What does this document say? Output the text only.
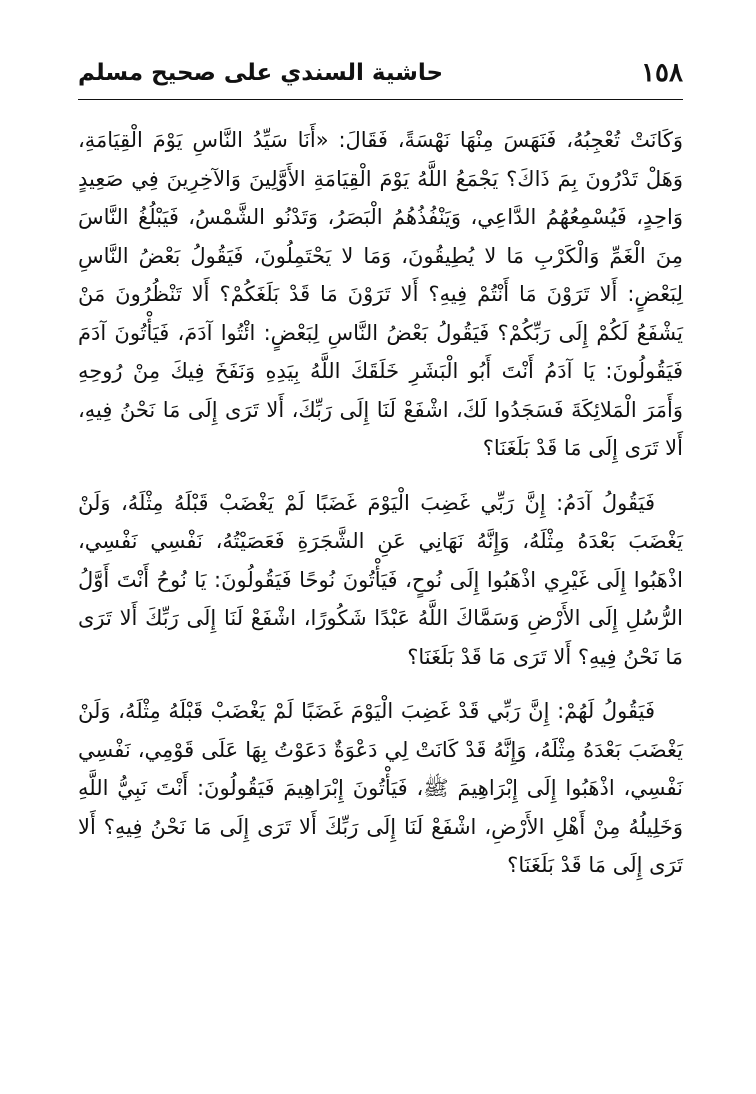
١٥٨
حاشية السندي على صحيح مسلم

وَكَانَتْ تُعْجِبُهُ، فَنَهَسَ مِنْهَا نَهْسَةً، فَقَالَ: «أَنَا سَيِّدُ النَّاسِ يَوْمَ الْقِيَامَةِ، وَهَلْ تَدْرُونَ بِمَ ذَاكَ؟ يَجْمَعُ اللَّهُ يَوْمَ الْقِيَامَةِ الأَوَّلِينَ وَالآخِرِينَ فِي صَعِيدٍ وَاحِدٍ، فَيُسْمِعُهُمُ الدَّاعِي، وَيَنْفُذُهُمُ الْبَصَرُ، وَتَدْنُو الشَّمْسُ، فَيَبْلُغُ النَّاسَ مِنَ الْغَمِّ وَالْكَرْبِ مَا لا يُطِيقُونَ، وَمَا لا يَحْتَمِلُونَ، فَيَقُولُ بَعْضُ النَّاسِ لِبَعْضٍ: أَلا تَرَوْنَ مَا أَنْتُمْ فِيهِ؟ أَلا تَرَوْنَ مَا قَدْ بَلَغَكُمْ؟ أَلا تَنْظُرُونَ مَنْ يَشْفَعُ لَكُمْ إِلَى رَبِّكُمْ؟ فَيَقُولُ بَعْضُ النَّاسِ لِبَعْضٍ: ائْتُوا آدَمَ، فَيَأْتُونَ آدَمَ فَيَقُولُونَ: يَا آدَمُ أَنْتَ أَبُو الْبَشَرِ خَلَقَكَ اللَّهُ بِيَدِهِ وَنَفَخَ فِيكَ مِنْ رُوحِهِ وَأَمَرَ الْمَلائِكَةَ فَسَجَدُوا لَكَ، اشْفَعْ لَنَا إِلَى رَبِّكَ، أَلا تَرَى إِلَى مَا نَحْنُ فِيهِ، أَلا تَرَى إِلَى مَا قَدْ بَلَغَنَا؟

فَيَقُولُ آدَمُ: إِنَّ رَبِّي غَضِبَ الْيَوْمَ غَضَبًا لَمْ يَغْضَبْ قَبْلَهُ مِثْلَهُ، وَلَنْ يَغْضَبَ بَعْدَهُ مِثْلَهُ، وَإِنَّهُ نَهَانِي عَنِ الشَّجَرَةِ فَعَصَيْتُهُ، نَفْسِي نَفْسِي، اذْهَبُوا إِلَى غَيْرِي اذْهَبُوا إِلَى نُوحٍ، فَيَأْتُونَ نُوحًا فَيَقُولُونَ: يَا نُوحُ أَنْتَ أَوَّلُ الرُّسُلِ إِلَى الأَرْضِ وَسَمَّاكَ اللَّهُ عَبْدًا شَكُورًا، اشْفَعْ لَنَا إِلَى رَبِّكَ أَلا تَرَى مَا نَحْنُ فِيهِ؟ أَلا تَرَى مَا قَدْ بَلَغَنَا؟

فَيَقُولُ لَهُمْ: إِنَّ رَبِّي قَدْ غَضِبَ الْيَوْمَ غَضَبًا لَمْ يَغْضَبْ قَبْلَهُ مِثْلَهُ، وَلَنْ يَغْضَبَ بَعْدَهُ مِثْلَهُ، وَإِنَّهُ قَدْ كَانَتْ لِي دَعْوَةٌ دَعَوْتُ بِهَا عَلَى قَوْمِي، نَفْسِي نَفْسِي، اذْهَبُوا إِلَى إِبْرَاهِيمَ ﷺ، فَيَأْتُونَ إِبْرَاهِيمَ فَيَقُولُونَ: أَنْتَ نَبِيُّ اللَّهِ وَخَلِيلُهُ مِنْ أَهْلِ الأَرْضِ، اشْفَعْ لَنَا إِلَى رَبِّكَ أَلا تَرَى إِلَى مَا نَحْنُ فِيهِ؟ أَلا تَرَى إِلَى مَا قَدْ بَلَغَنَا؟
